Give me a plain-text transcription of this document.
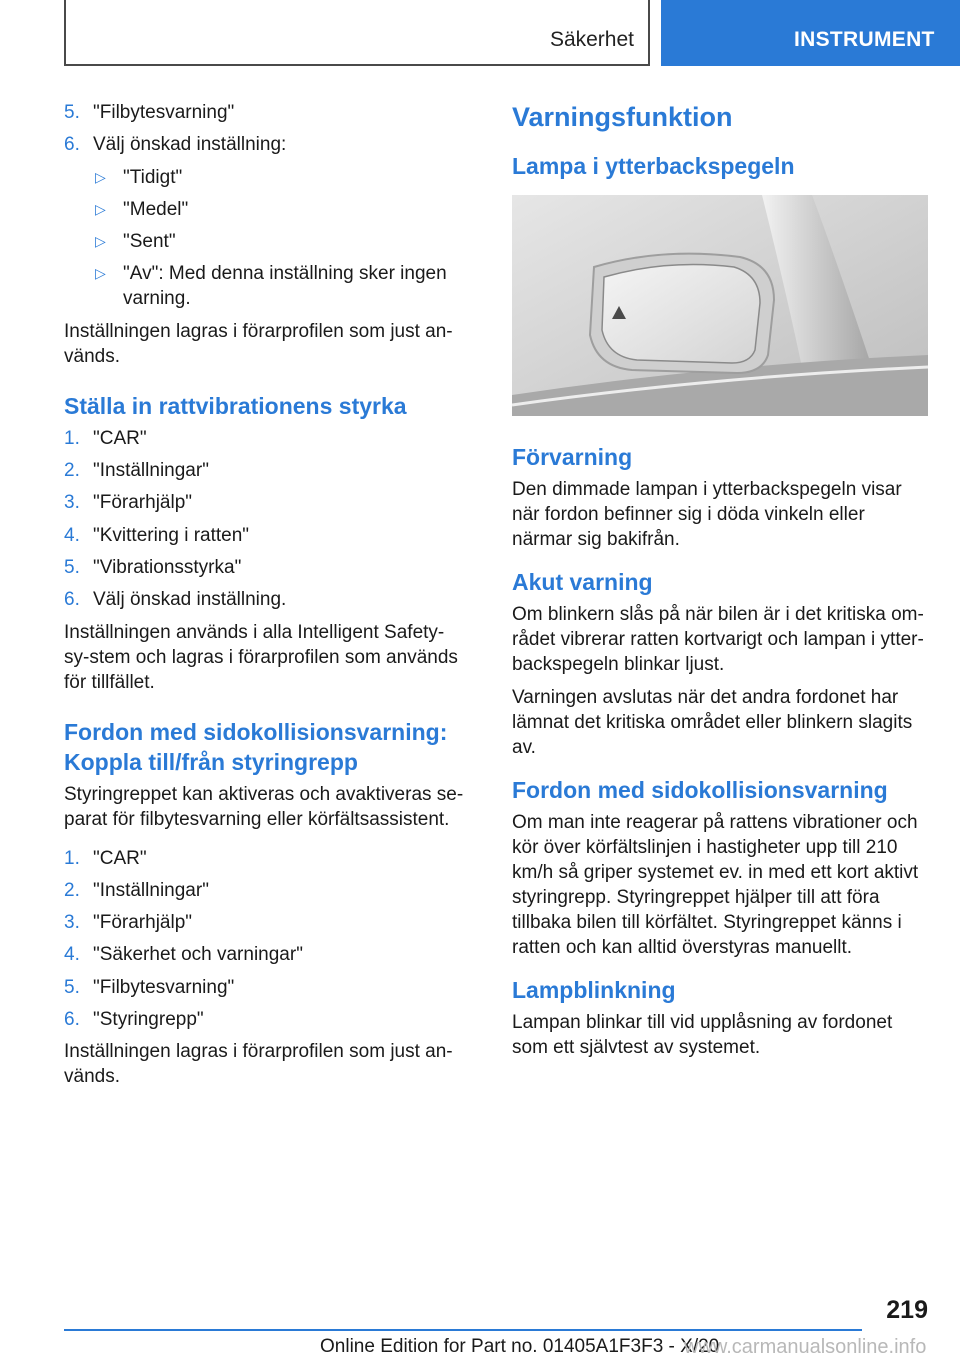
Säkerhet	INSTRUMENT
5. "Filbytesvarning"
6. Välj önskad inställning:
▷ "Tidigt"
▷ "Medel"
▷ "Sent"
▷ "Av": Med denna inställning sker ingen varning.

Inställningen lagras i förarprofilen som just an-vänds.

Ställa in rattvibrationens styrka
1. "CAR"
2. "Inställningar"
3. "Förarhjälp"
4. "Kvittering i ratten"
5. "Vibrationsstyrka"
6. Välj önskad inställning.

Inställningen används i alla Intelligent Safety-sy-stem och lagras i förarprofilen som används för tillfället.

Fordon med sidokollisionsvarning: Koppla till/från styringrepp

Styringreppet kan aktiveras och avaktiveras se-parat för filbytesvarning eller körfältsassistent.

1. "CAR"
2. "Inställningar"
3. "Förarhjälp"
4. "Säkerhet och varningar"
5. "Filbytesvarning"
6. "Styringrepp"

Inställningen lagras i förarprofilen som just an-vänds.

Varningsfunktion
Lampa i ytterbackspegeln
Förvarning

Den dimmade lampan i ytterbackspegeln visar när fordon befinner sig i döda vinkeln eller närmar sig bakifrån.

Akut varning

Om blinkern slås på när bilen är i det kritiska om-rådet vibrerar ratten kortvarigt och lampan i ytter-backspegeln blinkar ljust.

Varningen avslutas när det andra fordonet har lämnat det kritiska området eller blinkern slagits av.

Fordon med sidokollisionsvarning

Om man inte reagerar på rattens vibrationer och kör över körfältslinjen i hastigheter upp till 210 km/h så griper systemet ev. in med ett kort aktivt styringrepp. Styringreppet hjälper till att föra tillbaka bilen till körfältet. Styringreppet känns i ratten och kan alltid överstyras manuellt.

Lampblinkning

Lampan blinkar till vid upplåsning av fordonet som ett självtest av systemet.

219
Online Edition for Part no. 01405A1F3F3 - X/20
www.carmanualsonline.info
